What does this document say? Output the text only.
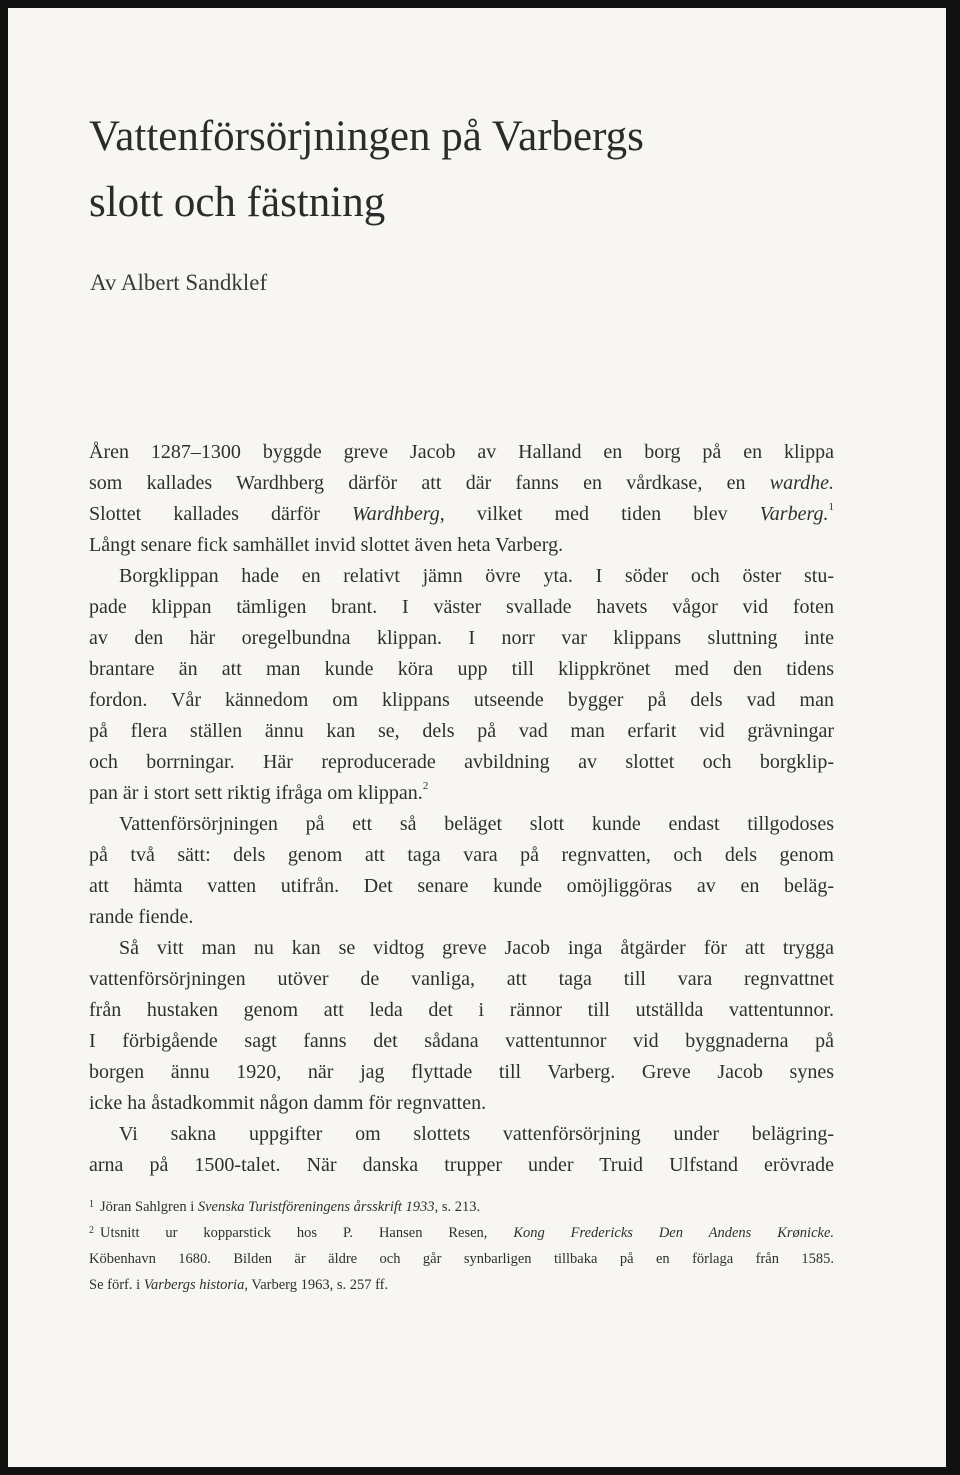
Vattenförsörjningen på Varbergs
slott och fästning
Av Albert Sandklef
Åren 1287–1300 byggde greve Jacob av Halland en borg på en klippa
som kallades Wardhberg därför att där fanns en vårdkase, en wardhe.
Slottet kallades därför Wardhberg, vilket med tiden blev Varberg.$^1$
Långt senare fick samhället invid slottet även heta Varberg.
Borgklippan hade en relativt jämn övre yta. I söder och öster stu-
pade klippan tämligen brant. I väster svallade havets vågor vid foten
av den här oregelbundna klippan. I norr var klippans sluttning inte
brantare än att man kunde köra upp till klippkrönet med den tidens
fordon. Vår kännedom om klippans utseende bygger på dels vad man
på flera ställen ännu kan se, dels på vad man erfarit vid grävningar
och borrningar. Här reproducerade avbildning av slottet och borgklip-
pan är i stort sett riktig ifråga om klippan.$^2$
Vattenförsörjningen på ett så beläget slott kunde endast tillgodoses
på två sätt: dels genom att taga vara på regnvatten, och dels genom
att hämta vatten utifrån. Det senare kunde omöjliggöras av en beläg-
rande fiende.
Så vitt man nu kan se vidtog greve Jacob inga åtgärder för att trygga
vattenförsörjningen utöver de vanliga, att taga till vara regnvattnet
från hustaken genom att leda det i rännor till utställda vattentunnor.
I förbigående sagt fanns det sådana vattentunnor vid byggnaderna på
borgen ännu 1920, när jag flyttade till Varberg. Greve Jacob synes
icke ha åstadkommit någon damm för regnvatten.
Vi sakna uppgifter om slottets vattenförsörjning under belägring-
arna på 1500-talet. När danska trupper under Truid Ulfstand erövrade
$^1$ Jöran Sahlgren i Svenska Turistföreningens årsskrift 1933, s. 213.
$^2$ Utsnitt ur kopparstick hos P. Hansen Resen, Kong Fredericks Den Andens Krønicke.
Köbenhavn 1680. Bilden är äldre och går synbarligen tillbaka på en förlaga från 1585.
Se förf. i Varbergs historia, Varberg 1963, s. 257 ff.
